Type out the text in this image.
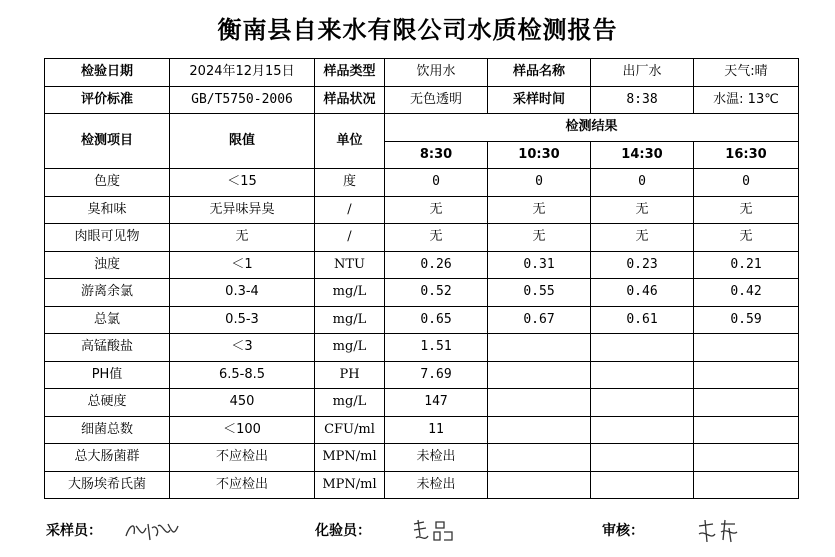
衡南县自来水有限公司水质检测报告
检验日期	2024年12月15日	样品类型	饮用水	样品名称	出厂水	天气:晴
评价标准	GB/T5750-2006	样品状况	无色透明	采样时间	8:38	水温: 13℃
检测项目	限值	单位	检测结果			
			8:30	10:30	14:30	16:30
色度	＜15	度	0	0	0	0
臭和味	无异味异臭	/	无	无	无	无
肉眼可见物	无	/	无	无	无	无
浊度	＜1	NTU	0.26	0.31	0.23	0.21
游离余氯	0.3-4	mg/L	0.52	0.55	0.46	0.42
总氯	0.5-3	mg/L	0.65	0.67	0.61	0.59
高锰酸盐	＜3	mg/L	1.51			
PH值	6.5-8.5	PH	7.69			
总硬度	450	mg/L	147			
细菌总数	＜100	CFU/ml	11			
总大肠菌群	不应检出	MPN/ml	未检出			
大肠埃希氏菌	不应检出	MPN/ml	未检出			
采样员：	化验员：	审核：
